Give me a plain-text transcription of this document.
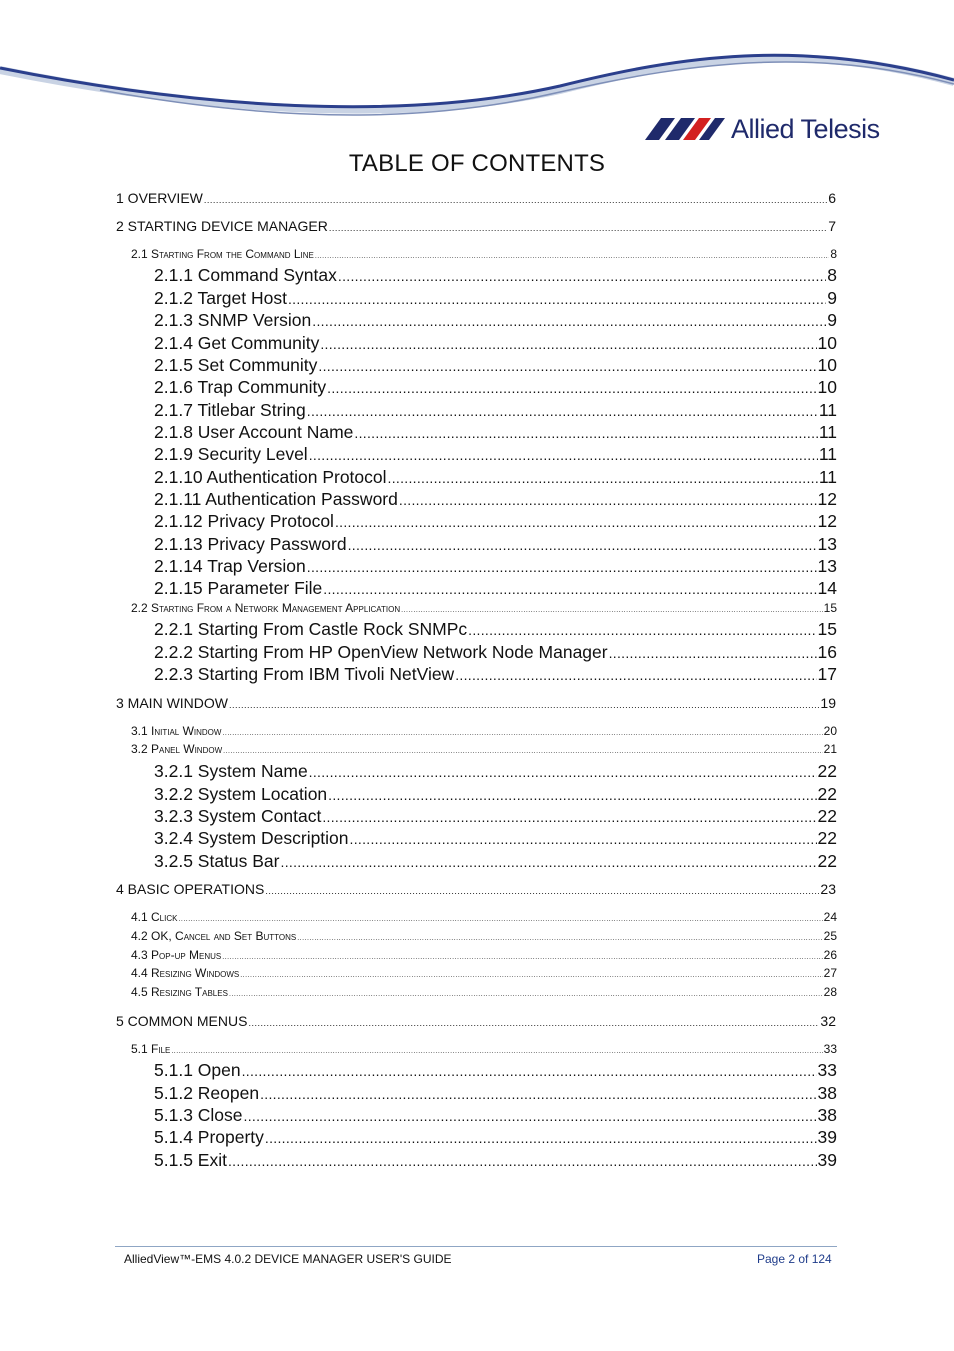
Allied Telesis
TABLE OF CONTENTS
1 OVERVIEW .....	6
2 STARTING DEVICE MANAGER .....	7
2.1 Starting From the Command Line .....	8
2.1.1 Command Syntax .....	8
2.1.2 Target Host .....	9
2.1.3 SNMP Version .....	9
2.1.4 Get Community .....	10
2.1.5 Set Community .....	10
2.1.6 Trap Community .....	10
2.1.7 Titlebar String .....	11
2.1.8 User Account Name .....	11
2.1.9 Security Level .....	11
2.1.10 Authentication Protocol .....	11
2.1.11 Authentication Password .....	12
2.1.12 Privacy Protocol .....	12
2.1.13 Privacy Password .....	13
2.1.14 Trap Version .....	13
2.1.15 Parameter File .....	14
2.2 Starting From a Network Management Application .....	15
2.2.1 Starting From Castle Rock SNMPc .....	15
2.2.2 Starting From HP OpenView Network Node Manager .....	16
2.2.3 Starting From IBM Tivoli NetView .....	17
3 MAIN WINDOW .....	19
3.1 Initial Window .....	20
3.2 Panel Window .....	21
3.2.1 System Name .....	22
3.2.2 System Location .....	22
3.2.3 System Contact .....	22
3.2.4 System Description .....	22
3.2.5 Status Bar .....	22
4 BASIC OPERATIONS .....	23
4.1 Click .....	24
4.2 OK, Cancel and Set Buttons .....	25
4.3 Pop-up Menus .....	26
4.4 Resizing Windows .....	27
4.5 Resizing Tables .....	28
5 COMMON MENUS .....	32
5.1 File .....	33
5.1.1 Open .....	33
5.1.2 Reopen .....	38
5.1.3 Close .....	38
5.1.4 Property .....	39
5.1.5 Exit .....	39
AlliedView™-EMS 4.0.2 DEVICE MANAGER USER'S GUIDE	Page 2 of 124
